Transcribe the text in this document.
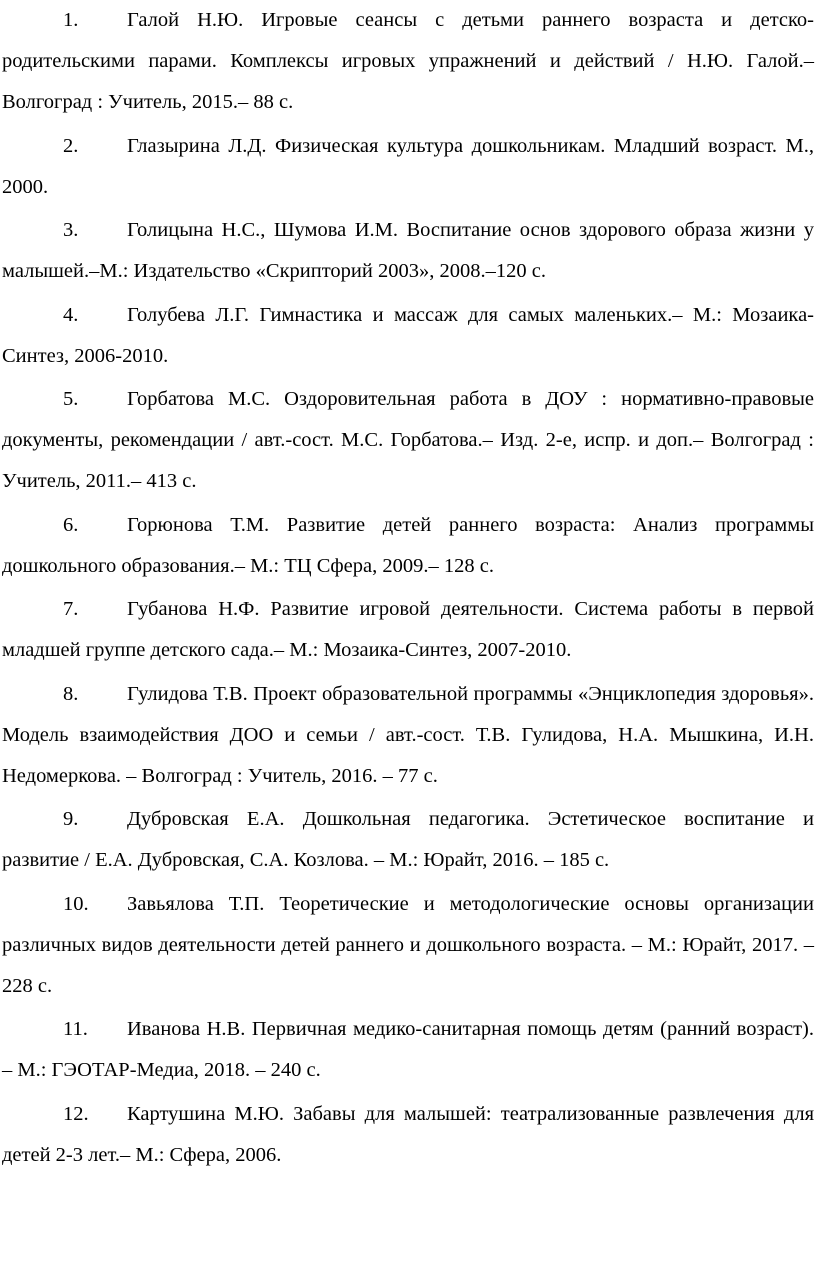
1. Галой Н.Ю. Игровые сеансы с детьми раннего возраста и детско-родительскими парами. Комплексы игровых упражнений и действий / Н.Ю. Галой.– Волгоград : Учитель, 2015.– 88 с.
2. Глазырина Л.Д. Физическая культура дошкольникам. Младший возраст. М., 2000.
3. Голицына Н.С., Шумова И.М. Воспитание основ здорового образа жизни у малышей.–М.: Издательство «Скрипторий 2003», 2008.–120 с.
4. Голубева Л.Г. Гимнастика и массаж для самых маленьких.– М.: Мозаика-Синтез, 2006-2010.
5. Горбатова М.С. Оздоровительная работа в ДОУ : нормативно-правовые документы, рекомендации / авт.-сост. М.С. Горбатова.– Изд. 2-е, испр. и доп.– Волгоград : Учитель, 2011.– 413 с.
6. Горюнова Т.М. Развитие детей раннего возраста: Анализ программы дошкольного образования.– М.: ТЦ Сфера, 2009.– 128 с.
7. Губанова Н.Ф. Развитие игровой деятельности. Система работы в первой младшей группе детского сада.– М.: Мозаика-Синтез, 2007-2010.
8. Гулидова Т.В. Проект образовательной программы «Энциклопедия здоровья». Модель взаимодействия ДОО и семьи / авт.-сост. Т.В. Гулидова, Н.А. Мышкина, И.Н. Недомеркова. – Волгоград : Учитель, 2016. – 77 с.
9. Дубровская Е.А. Дошкольная педагогика. Эстетическое воспитание и развитие / Е.А. Дубровская, С.А. Козлова. – М.: Юрайт, 2016. – 185 с.
10. Завьялова Т.П. Теоретические и методологические основы организации различных видов деятельности детей раннего и дошкольного возраста. – М.: Юрайт, 2017. – 228 с.
11. Иванова Н.В. Первичная медико-санитарная помощь детям (ранний возраст). – М.: ГЭОТАР-Медиа, 2018. – 240 с.
12. Картушина М.Ю. Забавы для малышей: театрализованные развлечения для детей 2-3 лет.– М.: Сфера, 2006.
